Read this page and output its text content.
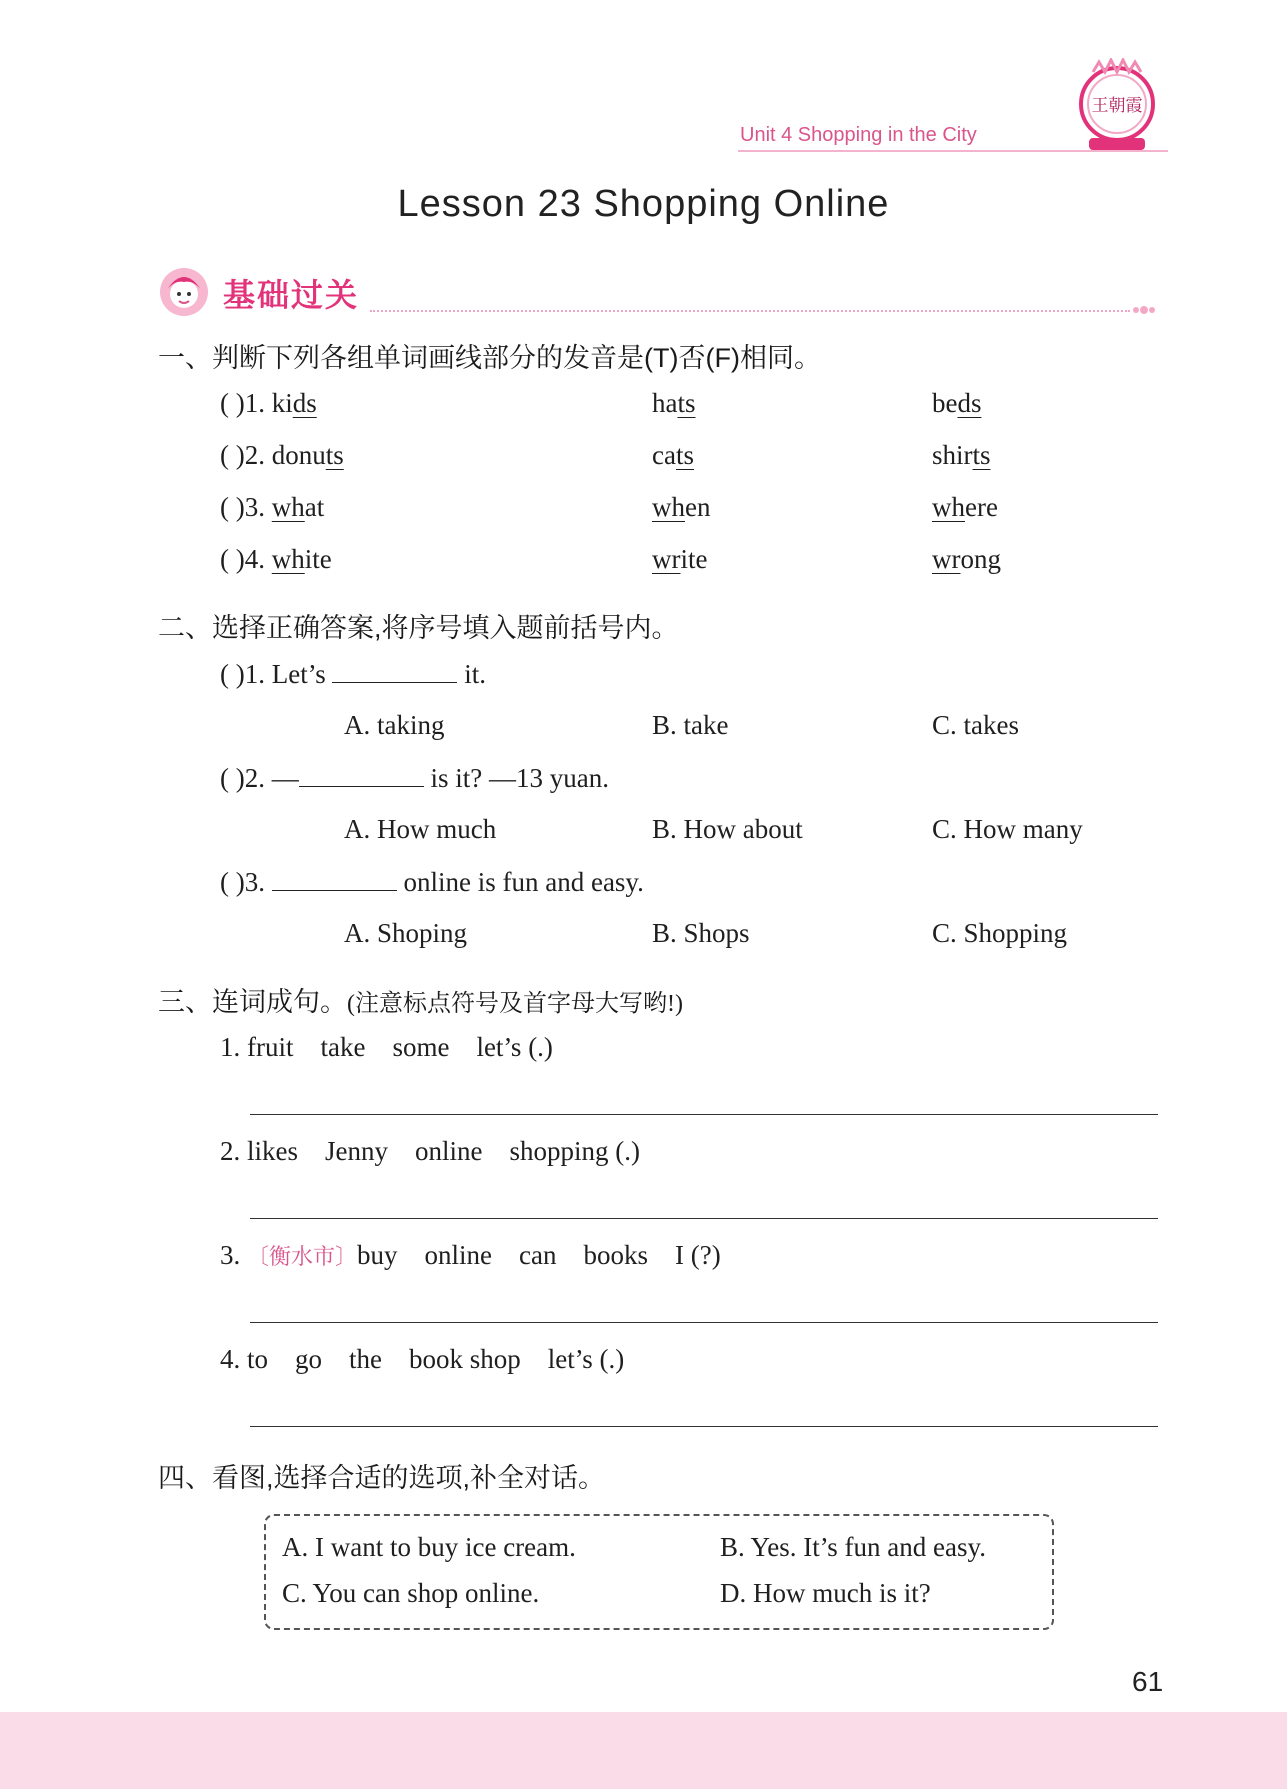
Unit 4 Shopping in the City
王朝霞
Lesson 23 Shopping Online
基础过关
一、判断下列各组单词画线部分的发音是(T)否(F)相同。
( )1. kids	hats	beds
( )2. donuts	cats	shirts
( )3. what	when	where
( )4. white	write	wrong
二、选择正确答案,将序号填入题前括号内。
( )1. Let’s	it.
A. taking	B. take	C. takes
( )2. —	is it? —13 yuan.
A. How much	B. How about	C. How many
( )3.	online is fun and easy.
A. Shoping	B. Shops	C. Shopping
三、连词成句。(注意标点符号及首字母大写哟!)
1. fruit    take    some    let’s (.)
2. likes    Jenny    online    shopping (.)
3. 〔衡水市〕buy    online    can    books    I (?)
4. to    go    the    book shop    let’s (.)
四、看图,选择合适的选项,补全对话。
A. I want to buy ice cream.	B. Yes. It’s fun and easy.
C. You can shop online.	D. How much is it?
61
